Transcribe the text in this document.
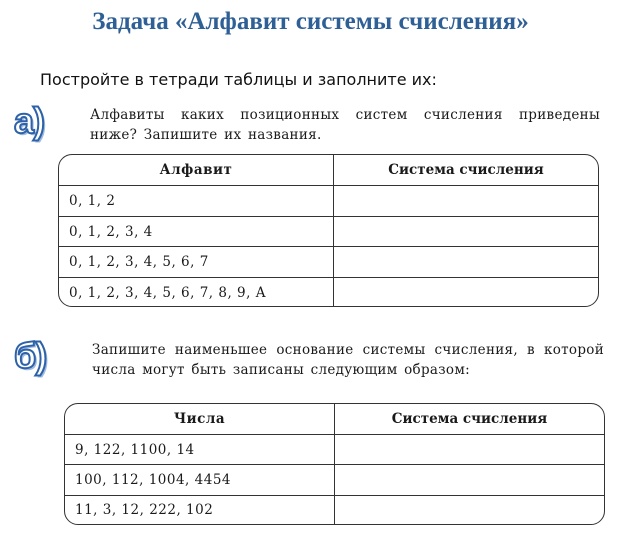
Задача «Алфавит системы счисления»
Постройте в тетради таблицы и заполните их:
а)	Алфавиты каких позиционных систем счисления приведены ниже? Запишите их названия.
Алфавит	Система счисления
0, 1, 2
0, 1, 2, 3, 4
0, 1, 2, 3, 4, 5, 6, 7
0, 1, 2, 3, 4, 5, 6, 7, 8, 9, A
б)	Запишите наименьшее основание системы счисления, в которой числа могут быть записаны следующим образом:
Числа	Система счисления
9, 122, 1100, 14
100, 112, 1004, 4454
11, 3, 12, 222, 102
